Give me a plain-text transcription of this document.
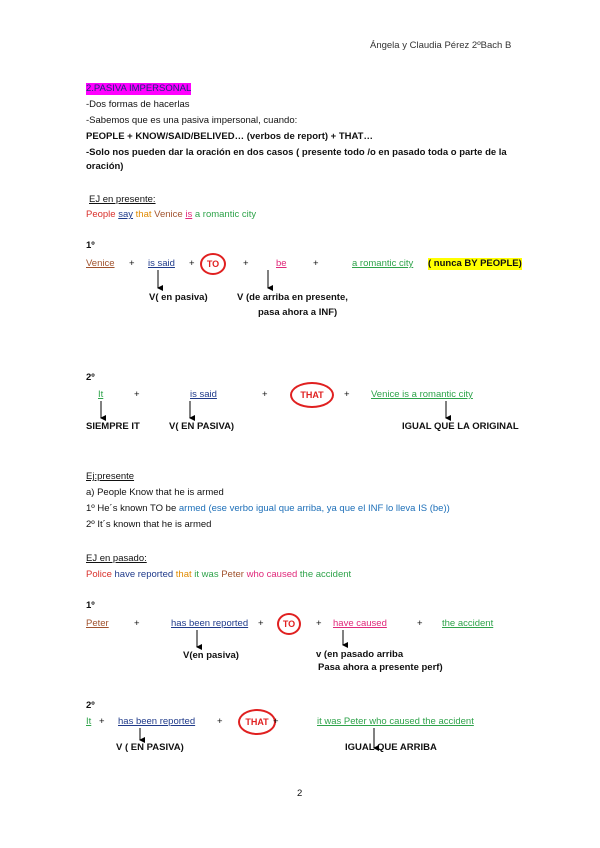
Ángela y Claudia Pérez 2ºBach B
2.PASIVA IMPERSONAL
-Dos formas de hacerlas
-Sabemos que es una pasiva impersonal, cuando:
PEOPLE + KNOW/SAID/BELIVED… (verbos de report) + THAT…
-Solo nos pueden dar la oración en dos casos ( presente todo /o en pasado toda o parte de la
oración)
EJ en presente:
People say that Venice is a romantic city
1º
Venice + is said + TO	+	be	+	a romantic city ( nunca BY PEOPLE)
V( en pasiva)	V (de arriba en presente,
pasa ahora a INF)
2º
It	+	is said	+	THAT + Venice is a romantic city
SIEMPRE IT	V( EN PASIVA)	IGUAL QUE LA ORIGINAL
Ej:presente
a) People Know that he is armed
1º He´s known TO be armed (ese verbo igual que arriba, ya que el INF lo lleva IS (be))
2º It´s known that he is armed
EJ en pasado:
Police have reported that it was Peter who caused the accident
1º
Peter	+	has been reported + TO + have caused	+ the accident
V(en pasiva)	v (en pasado arriba
Pasa ahora a presente perf)
2º
It + has been reported +	THAT +	it was Peter who caused the accident
V ( EN PASIVA)	IGUAL QUE ARRIBA
2
